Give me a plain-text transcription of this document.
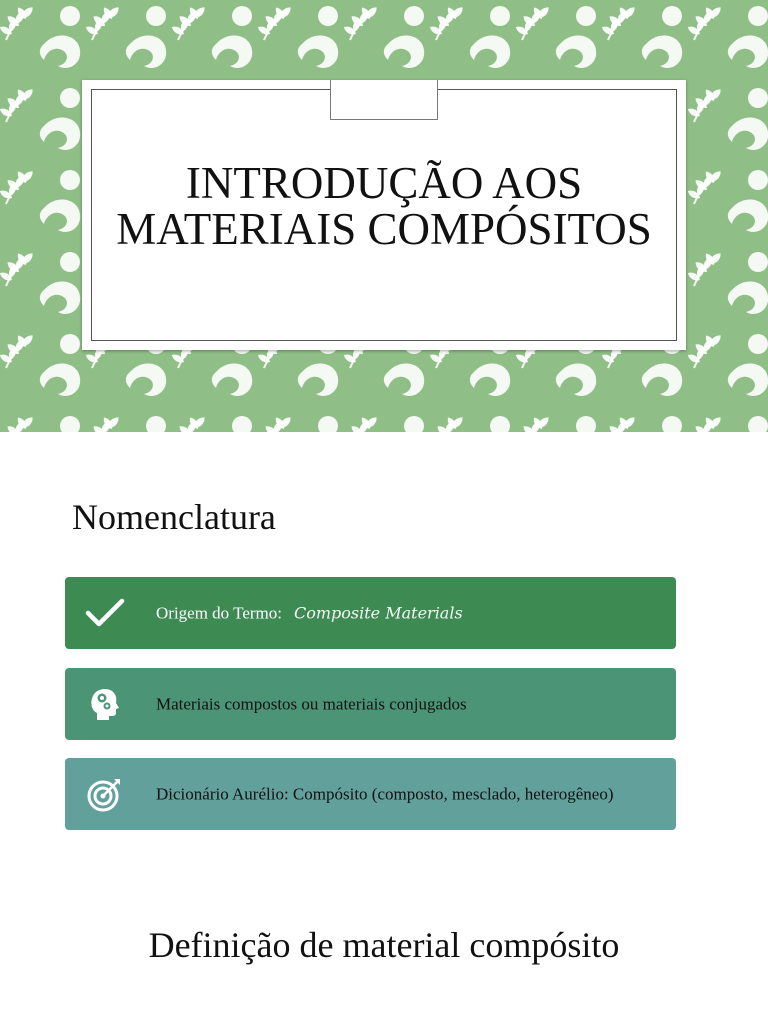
INTRODUÇÃO AOS
MATERIAIS COMPÓSITOS
Nomenclatura
Origem do Termo: Composite Materials
Materiais compostos ou materiais conjugados
Dicionário Aurélio: Compósito (composto, mesclado, heterogêneo)
Definição de material compósito
